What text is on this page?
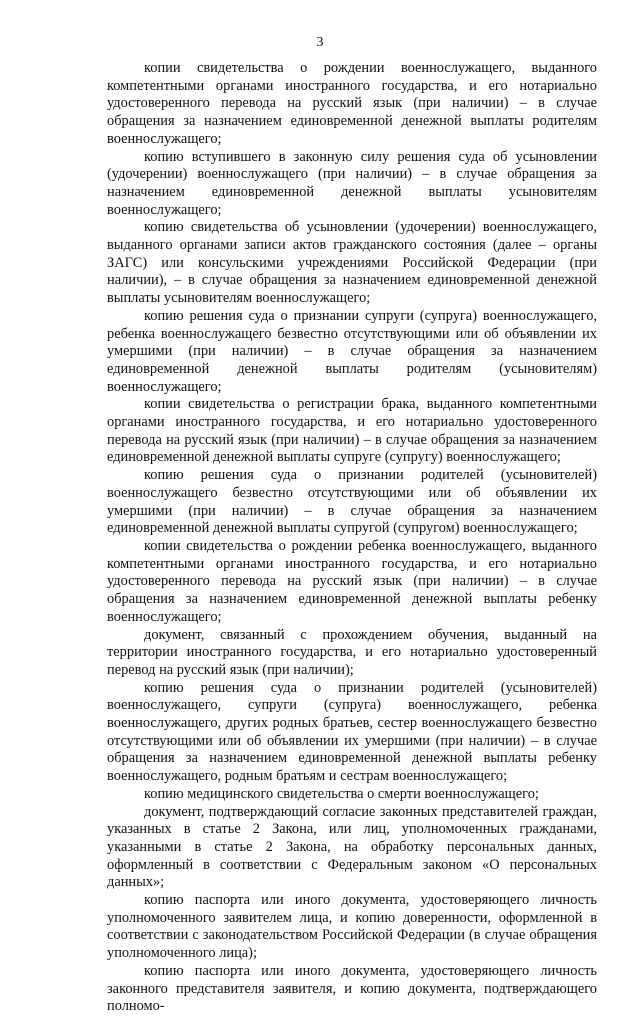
3

копии свидетельства о рождении военнослужащего, выданного компетентными органами иностранного государства, и его нотариально удостоверенного перевода на русский язык (при наличии) – в случае обращения за назначением единовременной денежной выплаты родителям военнослужащего;

копию вступившего в законную силу решения суда об усыновлении (удочерении) военнослужащего (при наличии) – в случае обращения за назначением единовременной денежной выплаты усыновителям военнослужащего;

копию свидетельства об усыновлении (удочерении) военнослужащего, выданного органами записи актов гражданского состояния (далее – органы ЗАГС) или консульскими учреждениями Российской Федерации (при наличии), – в случае обращения за назначением единовременной денежной выплаты усыновителям военнослужащего;

копию решения суда о признании супруги (супруга) военнослужащего, ребенка военнослужащего безвестно отсутствующими или об объявлении их умершими (при наличии) – в случае обращения за назначением единовременной денежной выплаты родителям (усыновителям) военнослужащего;

копии свидетельства о регистрации брака, выданного компетентными органами иностранного государства, и его нотариально удостоверенного перевода на русский язык (при наличии) – в случае обращения за назначением единовременной денежной выплаты супруге (супругу) военнослужащего;

копию решения суда о признании родителей (усыновителей) военнослужащего безвестно отсутствующими или об объявлении их умершими (при наличии) – в случае обращения за назначением единовременной денежной выплаты супругой (супругом) военнослужащего;

копии свидетельства о рождении ребенка военнослужащего, выданного компетентными органами иностранного государства, и его нотариально удостоверенного перевода на русский язык (при наличии) – в случае обращения за назначением единовременной денежной выплаты ребенку военнослужащего;

документ, связанный с прохождением обучения, выданный на территории иностранного государства, и его нотариально удостоверенный перевод на русский язык (при наличии);

копию решения суда о признании родителей (усыновителей) военнослужащего, супруги (супруга) военнослужащего, ребенка военнослужащего, других родных братьев, сестер военнослужащего безвестно отсутствующими или об объявлении их умершими (при наличии) – в случае обращения за назначением единовременной денежной выплаты ребенку военнослужащего, родным братьям и сестрам военнослужащего;

копию медицинского свидетельства о смерти военнослужащего;

документ, подтверждающий согласие законных представителей граждан, указанных в статье 2 Закона, или лиц, уполномоченных гражданами, указанными в статье 2 Закона, на обработку персональных данных, оформленный в соответствии с Федеральным законом «О персональных данных»;

копию паспорта или иного документа, удостоверяющего личность уполномоченного заявителем лица, и копию доверенности, оформленной в соответствии с законодательством Российской Федерации (в случае обращения уполномоченного лица);

копию паспорта или иного документа, удостоверяющего личность законного представителя заявителя, и копию документа, подтверждающего полномо-
